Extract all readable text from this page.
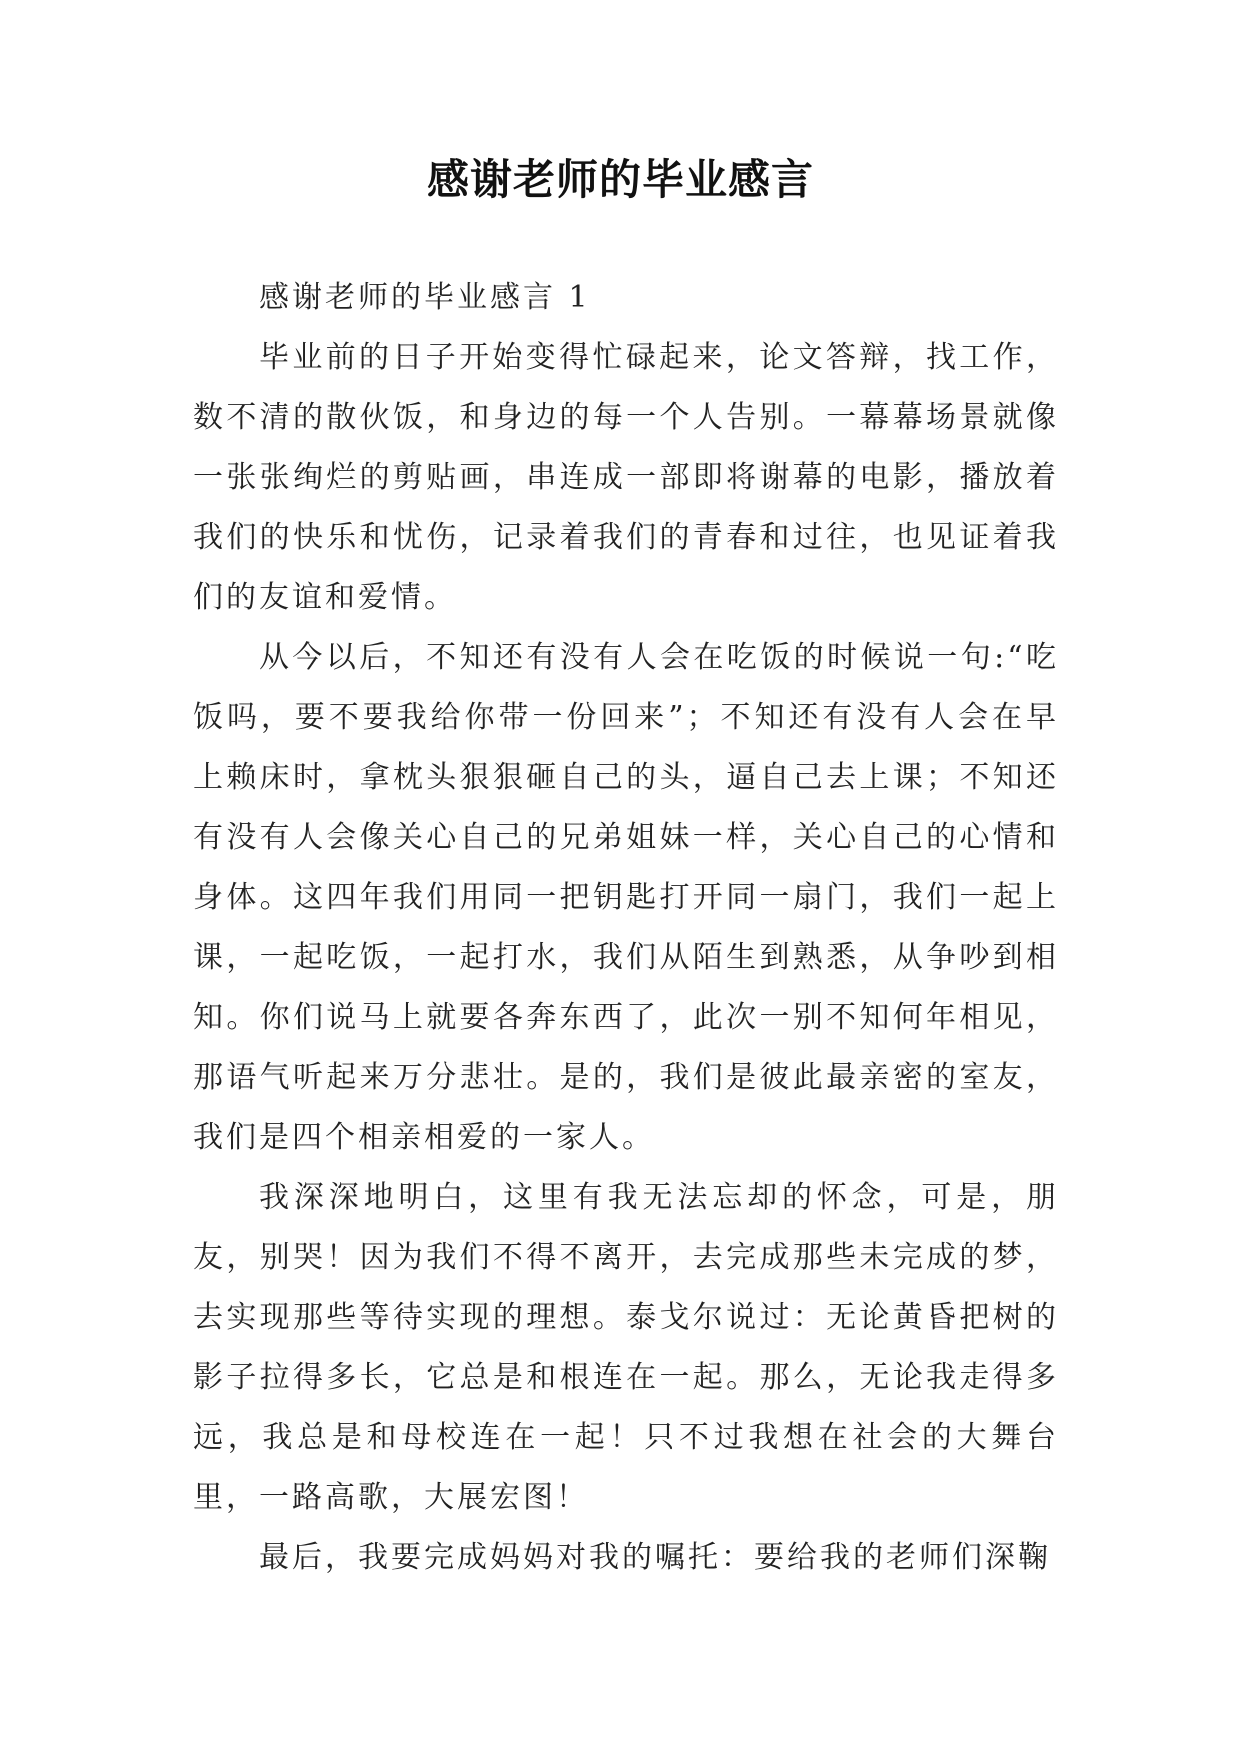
感谢老师的毕业感言

感谢老师的毕业感言 1

毕业前的日子开始变得忙碌起来，论文答辩，找工作，数不清的散伙饭，和身边的每一个人告别。一幕幕场景就像一张张绚烂的剪贴画，串连成一部即将谢幕的电影，播放着我们的快乐和忧伤，记录着我们的青春和过往，也见证着我们的友谊和爱情。

从今以后，不知还有没有人会在吃饭的时候说一句:“吃饭吗，要不要我给你带一份回来”；不知还有没有人会在早上赖床时，拿枕头狠狠砸自己的头，逼自己去上课；不知还有没有人会像关心自己的兄弟姐妹一样，关心自己的心情和身体。这四年我们用同一把钥匙打开同一扇门，我们一起上课，一起吃饭，一起打水，我们从陌生到熟悉，从争吵到相知。你们说马上就要各奔东西了，此次一别不知何年相见，那语气听起来万分悲壮。是的，我们是彼此最亲密的室友，我们是四个相亲相爱的一家人。

我深深地明白，这里有我无法忘却的怀念，可是，朋友，别哭！因为我们不得不离开，去完成那些未完成的梦，去实现那些等待实现的理想。泰戈尔说过：无论黄昏把树的影子拉得多长，它总是和根连在一起。那么，无论我走得多远，我总是和母校连在一起！只不过我想在社会的大舞台里，一路高歌，大展宏图！

最后，我要完成妈妈对我的嘱托：要给我的老师们深鞠
